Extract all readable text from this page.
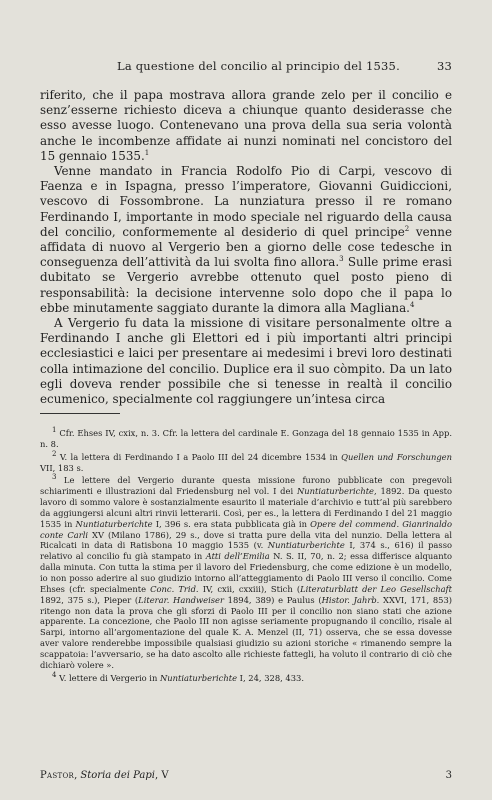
La questione del concilio al principio del 1535.	33

riferito, che il papa mostrava allora grande zelo per il concilio e senz’esserne richiesto diceva a chiunque quanto desiderasse che esso avesse luogo. Contenevano una prova della sua seria volontà anche le incombenze affidate ai nunzi nominati nel concistoro del 15 gennaio 1535.$^1$

Venne mandato in Francia Rodolfo Pio di Carpi, vescovo di Faenza e in Ispagna, presso l’imperatore, Giovanni Guidiccioni, vescovo di Fossombrone. La nunziatura presso il re romano Ferdinando I, importante in modo speciale nel riguardo della causa del concilio, conformemente al desiderio di quel principe$^2$ venne affidata di nuovo al Vergerio ben a giorno delle cose tedesche in conseguenza dell’attività da lui svolta fino allora.$^3$ Sulle prime erasi dubitato se Vergerio avrebbe ottenuto quel posto pieno di responsabilità: la decisione intervenne solo dopo che il papa lo ebbe minutamente saggiato durante la dimora alla Magliana.$^4$

A Vergerio fu data la missione di visitare personalmente oltre a Ferdinando I anche gli Elettori ed i più importanti altri principi ecclesiastici e laici per presentare ai medesimi i brevi loro destinati colla intimazione del concilio. Duplice era il suo còmpito. Da un lato egli doveva render possibile che si tenesse in realtà il concilio ecumenico, specialmente col raggiungere un’intesa circa

$^1$ Cfr. Ehses IV, cxix, n. 3. Cfr. la lettera del cardinale E. Gonzaga del 18 gennaio 1535 in App. n. 8.

$^2$ V. la lettera di Ferdinando I a Paolo III del 24 dicembre 1534 in Quellen und Forschungen VII, 183 s.

$^3$ Le lettere del Vergerio durante questa missione furono pubblicate con pregevoli schiarimenti e illustrazioni dal Friedensburg nel vol. I dei Nuntiaturberichte, 1892. Da questo lavoro di sommo valore è sostanzialmente esaurito il materiale d’archivio e tutt’al più sarebbero da aggiungersi alcuni altri rinvii letterarii. Così, per es., la lettera di Ferdinando I del 21 maggio 1535 in Nuntiaturberichte I, 396 s. era stata pubblicata già in Opere del commend. Gianrinaldo conte Carli XV (Milano 1786), 29 s., dove si tratta pure della vita del nunzio. Della lettera al Ricalcati in data di Ratisbona 10 maggio 1535 (v. Nuntiaturberichte I, 374 s., 616) il passo relativo al concilio fu già stampato in Atti dell’Emilia N. S. II, 70, n. 2; essa differisce alquanto dalla minuta. Con tutta la stima per il lavoro del Friedensburg, che come edizione è un modello, io non posso aderire al suo giudizio intorno all’atteggiamento di Paolo III verso il concilio. Come Ehses (cfr. specialmente Conc. Trid. IV, cxii, cxxiii), Stich (Literaturblatt der Leo Gesellschaft 1892, 375 s.), Pieper (Literar. Handweiser 1894, 389) e Paulus (Histor. Jahrb. XXVI, 171, 853) ritengo non data la prova che gli sforzi di Paolo III per il concilio non siano stati che azione apparente. La concezione, che Paolo III non agisse seriamente propugnando il concilio, risale al Sarpi, intorno all’argomentazione del quale K. A. Menzel (II, 71) osserva, che se essa dovesse aver valore renderebbe impossibile qualsiasi giudizio su azioni storiche « rimanendo sempre la scappatoia: l’avversario, se ha dato ascolto alle richieste fattegli, ha voluto il contrario di ciò che dichiarò volere ».

$^4$ V. lettere di Vergerio in Nuntiaturberichte I, 24, 328, 433.

Pastor, Storia dei Papi, V	3
